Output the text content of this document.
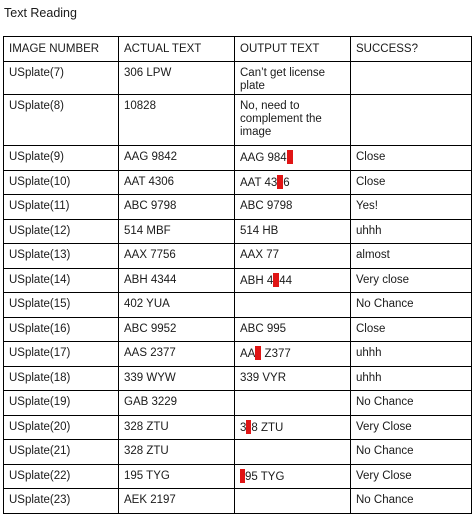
Text Reading
IMAGE NUMBER	ACTUAL TEXT	OUTPUT TEXT	SUCCESS?
USplate(7)	306 LPW	Can’t get license plate	

USplate(8)	10828	No, need to complement the image	

USplate(9)	AAG 9842	AAG 984	Close
USplate(10)	AAT 4306	AAT 43 6	Close
USplate(11)	ABC 9798	ABC 9798	Yes!
USplate(12)	514 MBF	514 HB	uhhh
USplate(13)	AAX 7756	AAX 77	almost
USplate(14)	ABH 4344	ABH 4 44	Very close
USplate(15)	402 YUA		No Chance
USplate(16)	ABC 9952	ABC 995	Close
USplate(17)	AAS 2377	AA Z377	uhhh
USplate(18)	339 WYW	339 VYR	uhhh
USplate(19)	GAB 3229		No Chance
USplate(20)	328 ZTU	3 8 ZTU	Very Close
USplate(21)	328 ZTU		No Chance
USplate(22)	195 TYG	95 TYG	Very Close
USplate(23)	AEK 2197		No Chance
